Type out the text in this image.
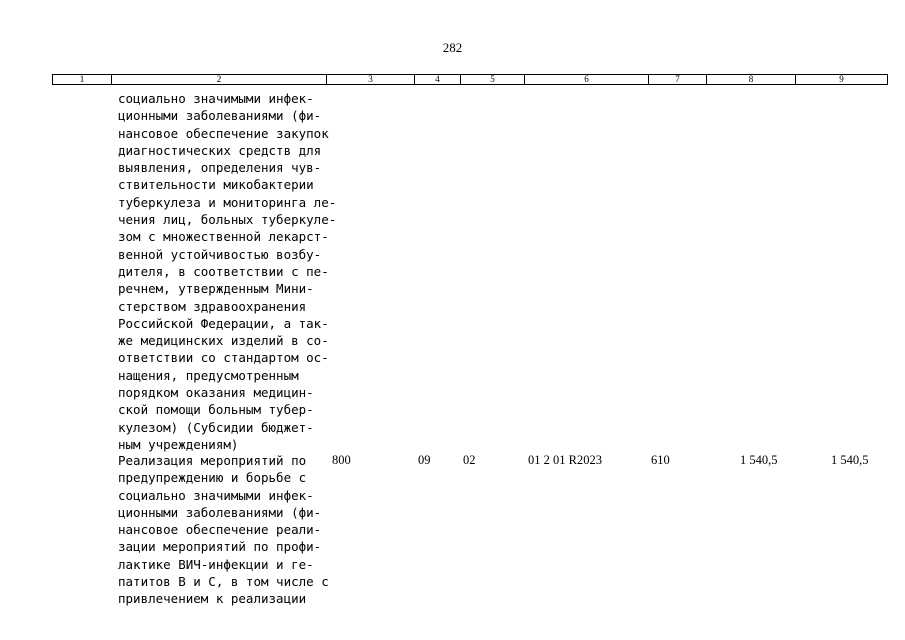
282
1	2	3	4	5	6	7	8	9
социально значимыми инфек-
ционными заболеваниями (фи-
нансовое обеспечение закупок
диагностических средств для
выявления, определения чув-
ствительности микобактерии
туберкулеза и мониторинга ле-
чения лиц, больных туберкуле-
зом с множественной лекарст-
венной устойчивостью возбу-
дителя, в соответствии с пе-
речнем, утвержденным Мини-
стерством здравоохранения
Российской Федерации, а так-
же медицинских изделий в со-
ответствии со стандартом ос-
нащения, предусмотренным
порядком оказания медицин-
ской помощи больным тубер-
кулезом) (Субсидии бюджет-
ным учреждениям)
Реализация мероприятий по
предупреждению и борьбе с
социально значимыми инфек-
ционными заболеваниями (фи-
нансовое обеспечение реали-
зации мероприятий по профи-
лактике ВИЧ-инфекции и ге-
патитов В и С, в том числе с
привлечением к реализации
800	09	02	01 2 01 R2023	610	1 540,5	1 540,5
